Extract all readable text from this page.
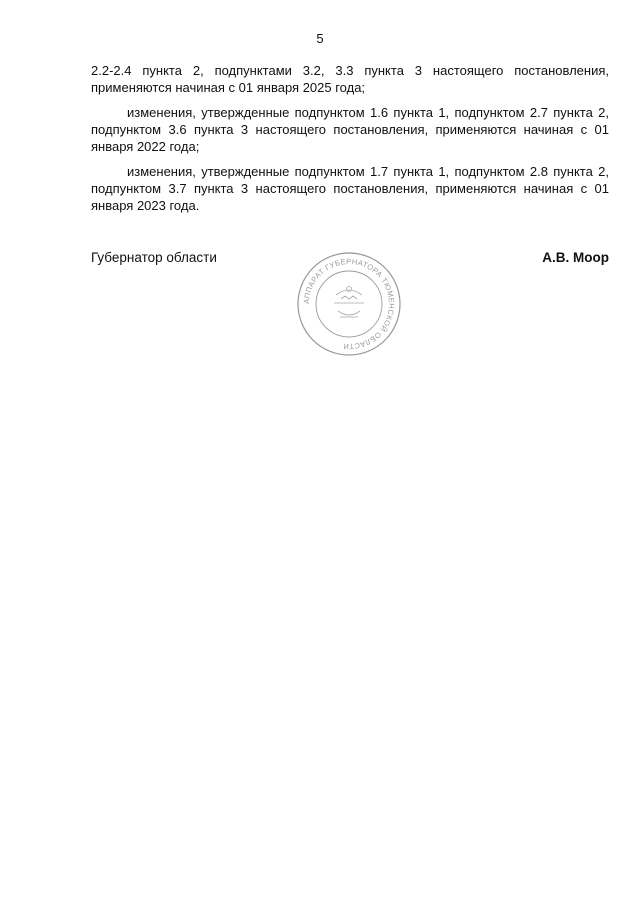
5

2.2-2.4 пункта 2, подпунктами 3.2, 3.3 пункта 3 настоящего постановления, применяются начиная с 01 января 2025 года;

изменения, утвержденные подпунктом 1.6 пункта 1, подпунктом 2.7 пункта 2, подпунктом 3.6 пункта 3 настоящего постановления, применяются начиная с 01 января 2022 года;

изменения, утвержденные подпунктом 1.7 пункта 1, подпунктом 2.8 пункта 2, подпунктом 3.7 пункта 3 настоящего постановления, применяются начиная с 01 января 2023 года.

Губернатор области	А.В. Моор
АППАРАТ ГУБЕРНАТОРА ТЮМЕНСКОЙ ОБЛАСТИ
